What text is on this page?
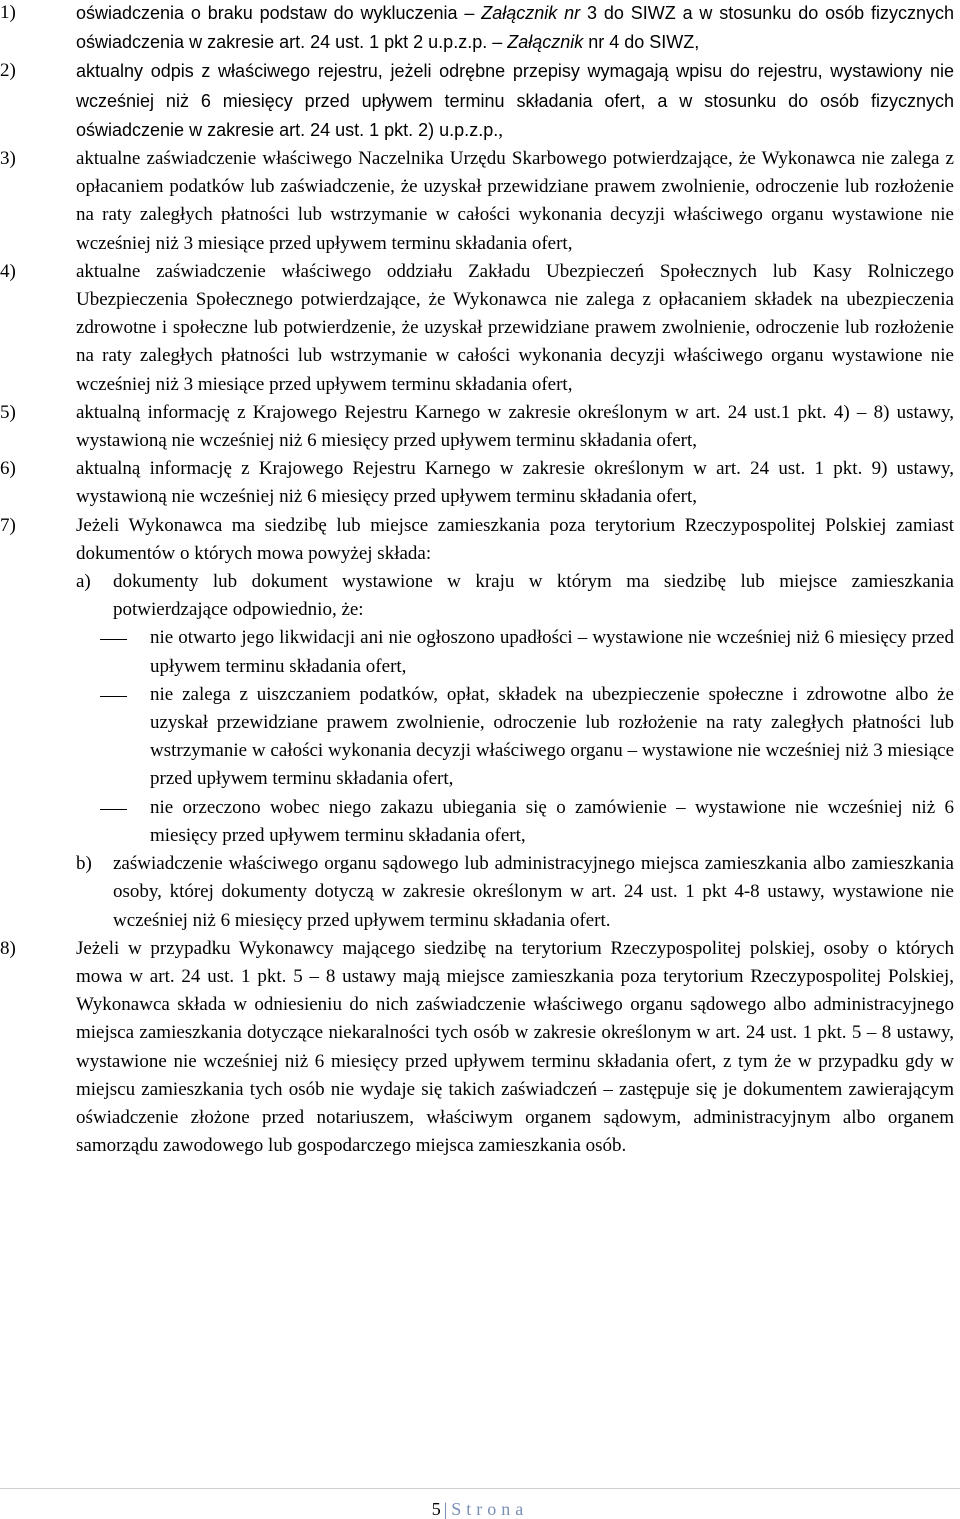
1)	oświadczenia o braku podstaw do wykluczenia – Załącznik nr 3 do SIWZ a w stosunku do osób fizycznych oświadczenia w zakresie art. 24 ust. 1 pkt 2 u.p.z.p. – Załącznik nr 4 do SIWZ,
2)	aktualny odpis z właściwego rejestru, jeżeli odrębne przepisy wymagają wpisu do rejestru, wystawiony nie wcześniej niż 6 miesięcy przed upływem terminu składania ofert, a w stosunku do osób fizycznych oświadczenie w zakresie art. 24 ust. 1 pkt. 2) u.p.z.p.,
3)	aktualne zaświadczenie właściwego Naczelnika Urzędu Skarbowego potwierdzające, że Wykonawca nie zalega z opłacaniem podatków lub zaświadczenie, że uzyskał przewidziane prawem zwolnienie, odroczenie lub rozłożenie na raty zaległych płatności lub wstrzymanie w całości wykonania decyzji właściwego organu wystawione nie wcześniej niż 3 miesiące przed upływem terminu składania ofert,
4)	aktualne zaświadczenie właściwego oddziału Zakładu Ubezpieczeń Społecznych lub Kasy Rolniczego Ubezpieczenia Społecznego potwierdzające, że Wykonawca nie zalega z opłacaniem składek na ubezpieczenia zdrowotne i społeczne lub potwierdzenie, że uzyskał przewidziane prawem zwolnienie, odroczenie lub rozłożenie na raty zaległych płatności lub wstrzymanie w całości wykonania decyzji właściwego organu wystawione nie wcześniej niż 3 miesiące przed upływem terminu składania ofert,
5)	aktualną informację z Krajowego Rejestru Karnego w zakresie określonym w art. 24 ust.1 pkt. 4) – 8) ustawy, wystawioną nie wcześniej niż 6 miesięcy przed upływem terminu składania ofert,
6)	aktualną informację z Krajowego Rejestru Karnego w zakresie określonym w art. 24 ust. 1 pkt. 9) ustawy, wystawioną nie wcześniej niż 6 miesięcy przed upływem terminu składania ofert,
7)	Jeżeli Wykonawca ma siedzibę lub miejsce zamieszkania poza terytorium Rzeczypospolitej Polskiej zamiast dokumentów o których mowa powyżej składa:
a) dokumenty lub dokument wystawione w kraju w którym ma siedzibę lub miejsce zamieszkania potwierdzające odpowiednio, że:
nie otwarto jego likwidacji ani nie ogłoszono upadłości – wystawione nie wcześniej niż 6 miesięcy przed upływem terminu składania ofert,
nie zalega z uiszczaniem podatków, opłat, składek na ubezpieczenie społeczne i zdrowotne albo że uzyskał przewidziane prawem zwolnienie, odroczenie lub rozłożenie na raty zaległych płatności lub wstrzymanie w całości wykonania decyzji właściwego organu – wystawione nie wcześniej niż 3 miesiące przed upływem terminu składania ofert,
nie orzeczono wobec niego zakazu ubiegania się o zamówienie – wystawione nie wcześniej niż 6 miesięcy przed upływem terminu składania ofert,
b) zaświadczenie właściwego organu sądowego lub administracyjnego miejsca zamieszkania albo zamieszkania osoby, której dokumenty dotyczą w zakresie określonym w art. 24 ust. 1 pkt 4-8 ustawy, wystawione nie wcześniej niż 6 miesięcy przed upływem terminu składania ofert.
8)	Jeżeli w przypadku Wykonawcy mającego siedzibę na terytorium Rzeczypospolitej polskiej, osoby o których mowa w art. 24 ust. 1 pkt. 5 – 8 ustawy mają miejsce zamieszkania poza terytorium Rzeczypospolitej Polskiej, Wykonawca składa w odniesieniu do nich zaświadczenie właściwego organu sądowego albo administracyjnego miejsca zamieszkania dotyczące niekaralności tych osób w zakresie określonym w art. 24 ust. 1 pkt. 5 – 8 ustawy, wystawione nie wcześniej niż 6 miesięcy przed upływem terminu składania ofert, z tym że w przypadku gdy w miejscu zamieszkania tych osób nie wydaje się takich zaświadczeń – zastępuje się je dokumentem zawierającym oświadczenie złożone przed notariuszem, właściwym organem sądowym, administracyjnym albo organem samorządu zawodowego lub gospodarczego miejsca zamieszkania osób.
5 | Strona
